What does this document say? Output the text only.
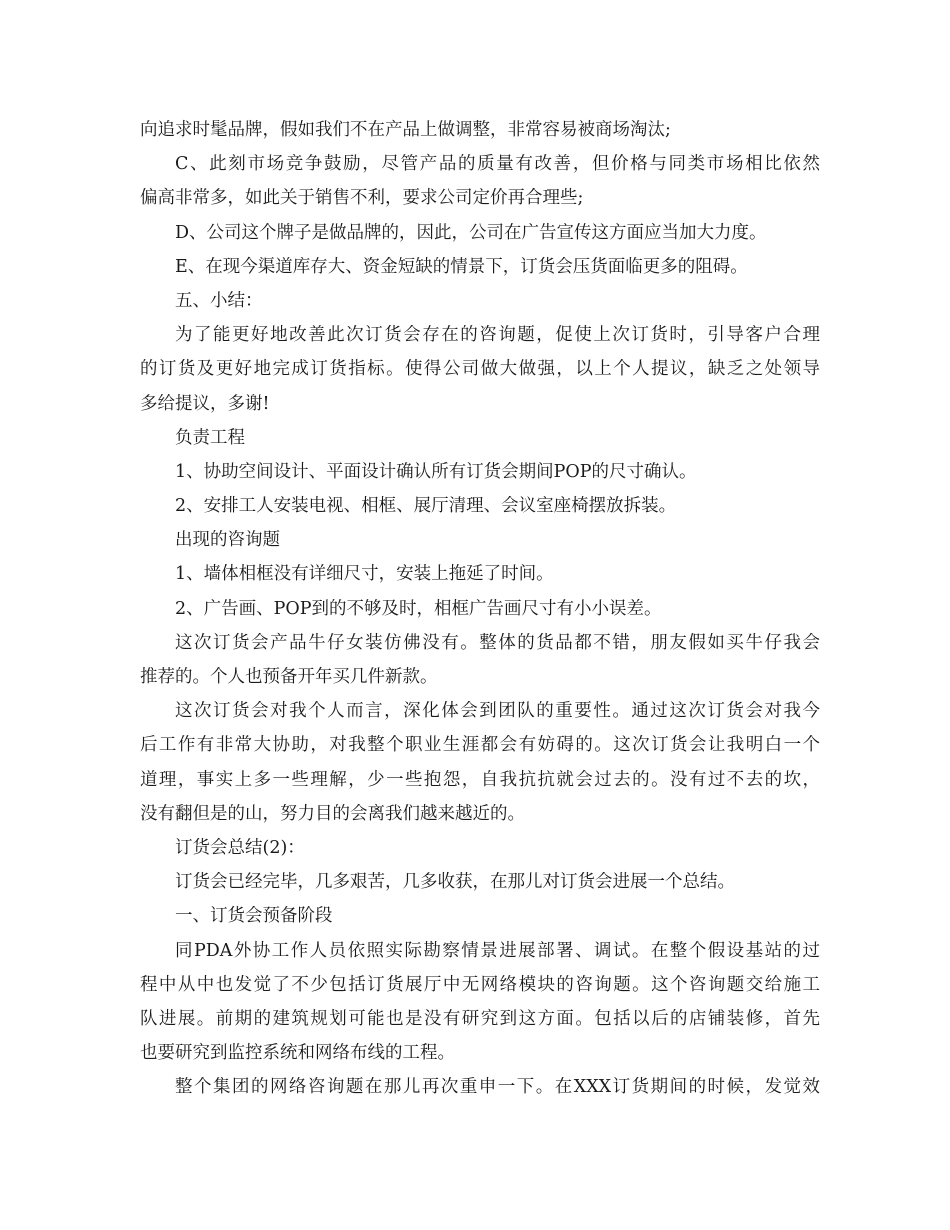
向追求时髦品牌，假如我们不在产品上做调整，非常容易被商场淘汰;
C、此刻市场竞争鼓励，尽管产品的质量有改善，但价格与同类市场相比依然
偏高非常多，如此关于销售不利，要求公司定价再合理些;
D、公司这个牌子是做品牌的，因此，公司在广告宣传这方面应当加大力度。
E、在现今渠道库存大、资金短缺的情景下，订货会压货面临更多的阻碍。
五、小结：
为了能更好地改善此次订货会存在的咨询题，促使上次订货时，引导客户合理
的订货及更好地完成订货指标。使得公司做大做强，以上个人提议，缺乏之处领导
多给提议，多谢!
负责工程
1、协助空间设计、平面设计确认所有订货会期间POP的尺寸确认。
2、安排工人安装电视、相框、展厅清理、会议室座椅摆放拆装。
出现的咨询题
1、墙体相框没有详细尺寸，安装上拖延了时间。
2、广告画、POP到的不够及时，相框广告画尺寸有小小误差。
这次订货会产品牛仔女装仿佛没有。整体的货品都不错，朋友假如买牛仔我会
推荐的。个人也预备开年买几件新款。
这次订货会对我个人而言，深化体会到团队的重要性。通过这次订货会对我今
后工作有非常大协助，对我整个职业生涯都会有妨碍的。这次订货会让我明白一个
道理，事实上多一些理解，少一些抱怨，自我抗抗就会过去的。没有过不去的坎，
没有翻但是的山，努力目的会离我们越来越近的。
订货会总结(2)：
订货会已经完毕，几多艰苦，几多收获，在那儿对订货会进展一个总结。
一、订货会预备阶段
同PDA外协工作人员依照实际勘察情景进展部署、调试。在整个假设基站的过
程中从中也发觉了不少包括订货展厅中无网络模块的咨询题。这个咨询题交给施工
队进展。前期的建筑规划可能也是没有研究到这方面。包括以后的店铺装修，首先
也要研究到监控系统和网络布线的工程。
整个集团的网络咨询题在那儿再次重申一下。在XXX订货期间的时候，发觉效
